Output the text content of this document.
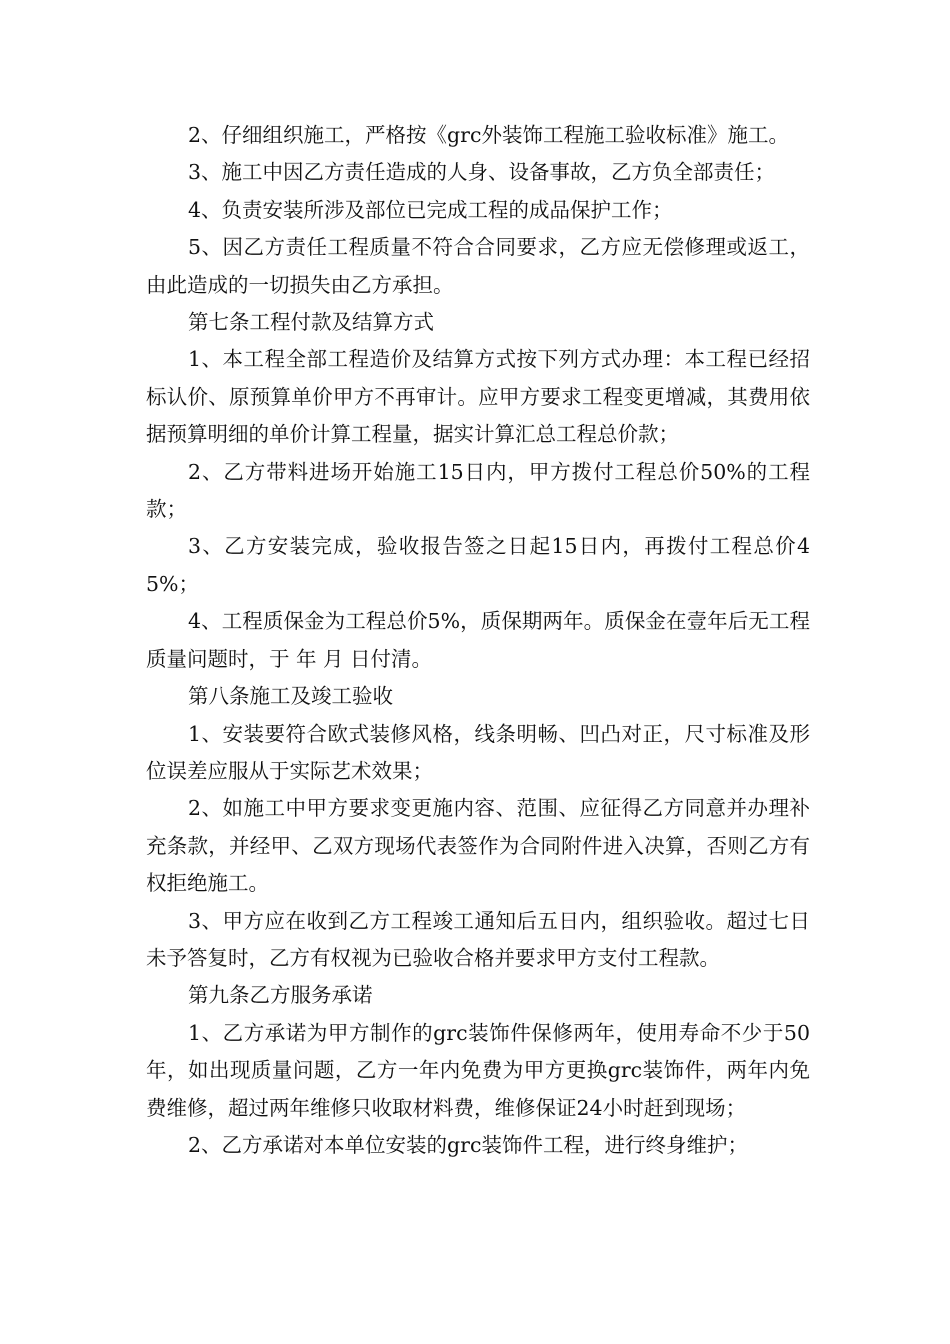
2、仔细组织施工，严格按《grc外装饰工程施工验收标准》施工。

3、施工中因乙方责任造成的人身、设备事故，乙方负全部责任；

4、负责安装所涉及部位已完成工程的成品保护工作；

5、因乙方责任工程质量不符合合同要求，乙方应无偿修理或返工，由此造成的一切损失由乙方承担。

第七条工程付款及结算方式

1、本工程全部工程造价及结算方式按下列方式办理：本工程已经招标认价、原预算单价甲方不再审计。应甲方要求工程变更增减，其费用依据预算明细的单价计算工程量，据实计算汇总工程总价款；

2、乙方带料进场开始施工15日内，甲方拨付工程总价50%的工程款；

3、乙方安装完成，验收报告签之日起15日内，再拨付工程总价45%；

4、工程质保金为工程总价5%，质保期两年。质保金在壹年后无工程质量问题时，于 年 月 日付清。

第八条施工及竣工验收

1、安装要符合欧式装修风格，线条明畅、凹凸对正，尺寸标准及形位误差应服从于实际艺术效果；

2、如施工中甲方要求变更施内容、范围、应征得乙方同意并办理补充条款，并经甲、乙双方现场代表签作为合同附件进入决算，否则乙方有权拒绝施工。

3、甲方应在收到乙方工程竣工通知后五日内，组织验收。超过七日未予答复时，乙方有权视为已验收合格并要求甲方支付工程款。

第九条乙方服务承诺

1、乙方承诺为甲方制作的grc装饰件保修两年，使用寿命不少于50年，如出现质量问题，乙方一年内免费为甲方更换grc装饰件，两年内免费维修，超过两年维修只收取材料费，维修保证24小时赶到现场；

2、乙方承诺对本单位安装的grc装饰件工程，进行终身维护；
